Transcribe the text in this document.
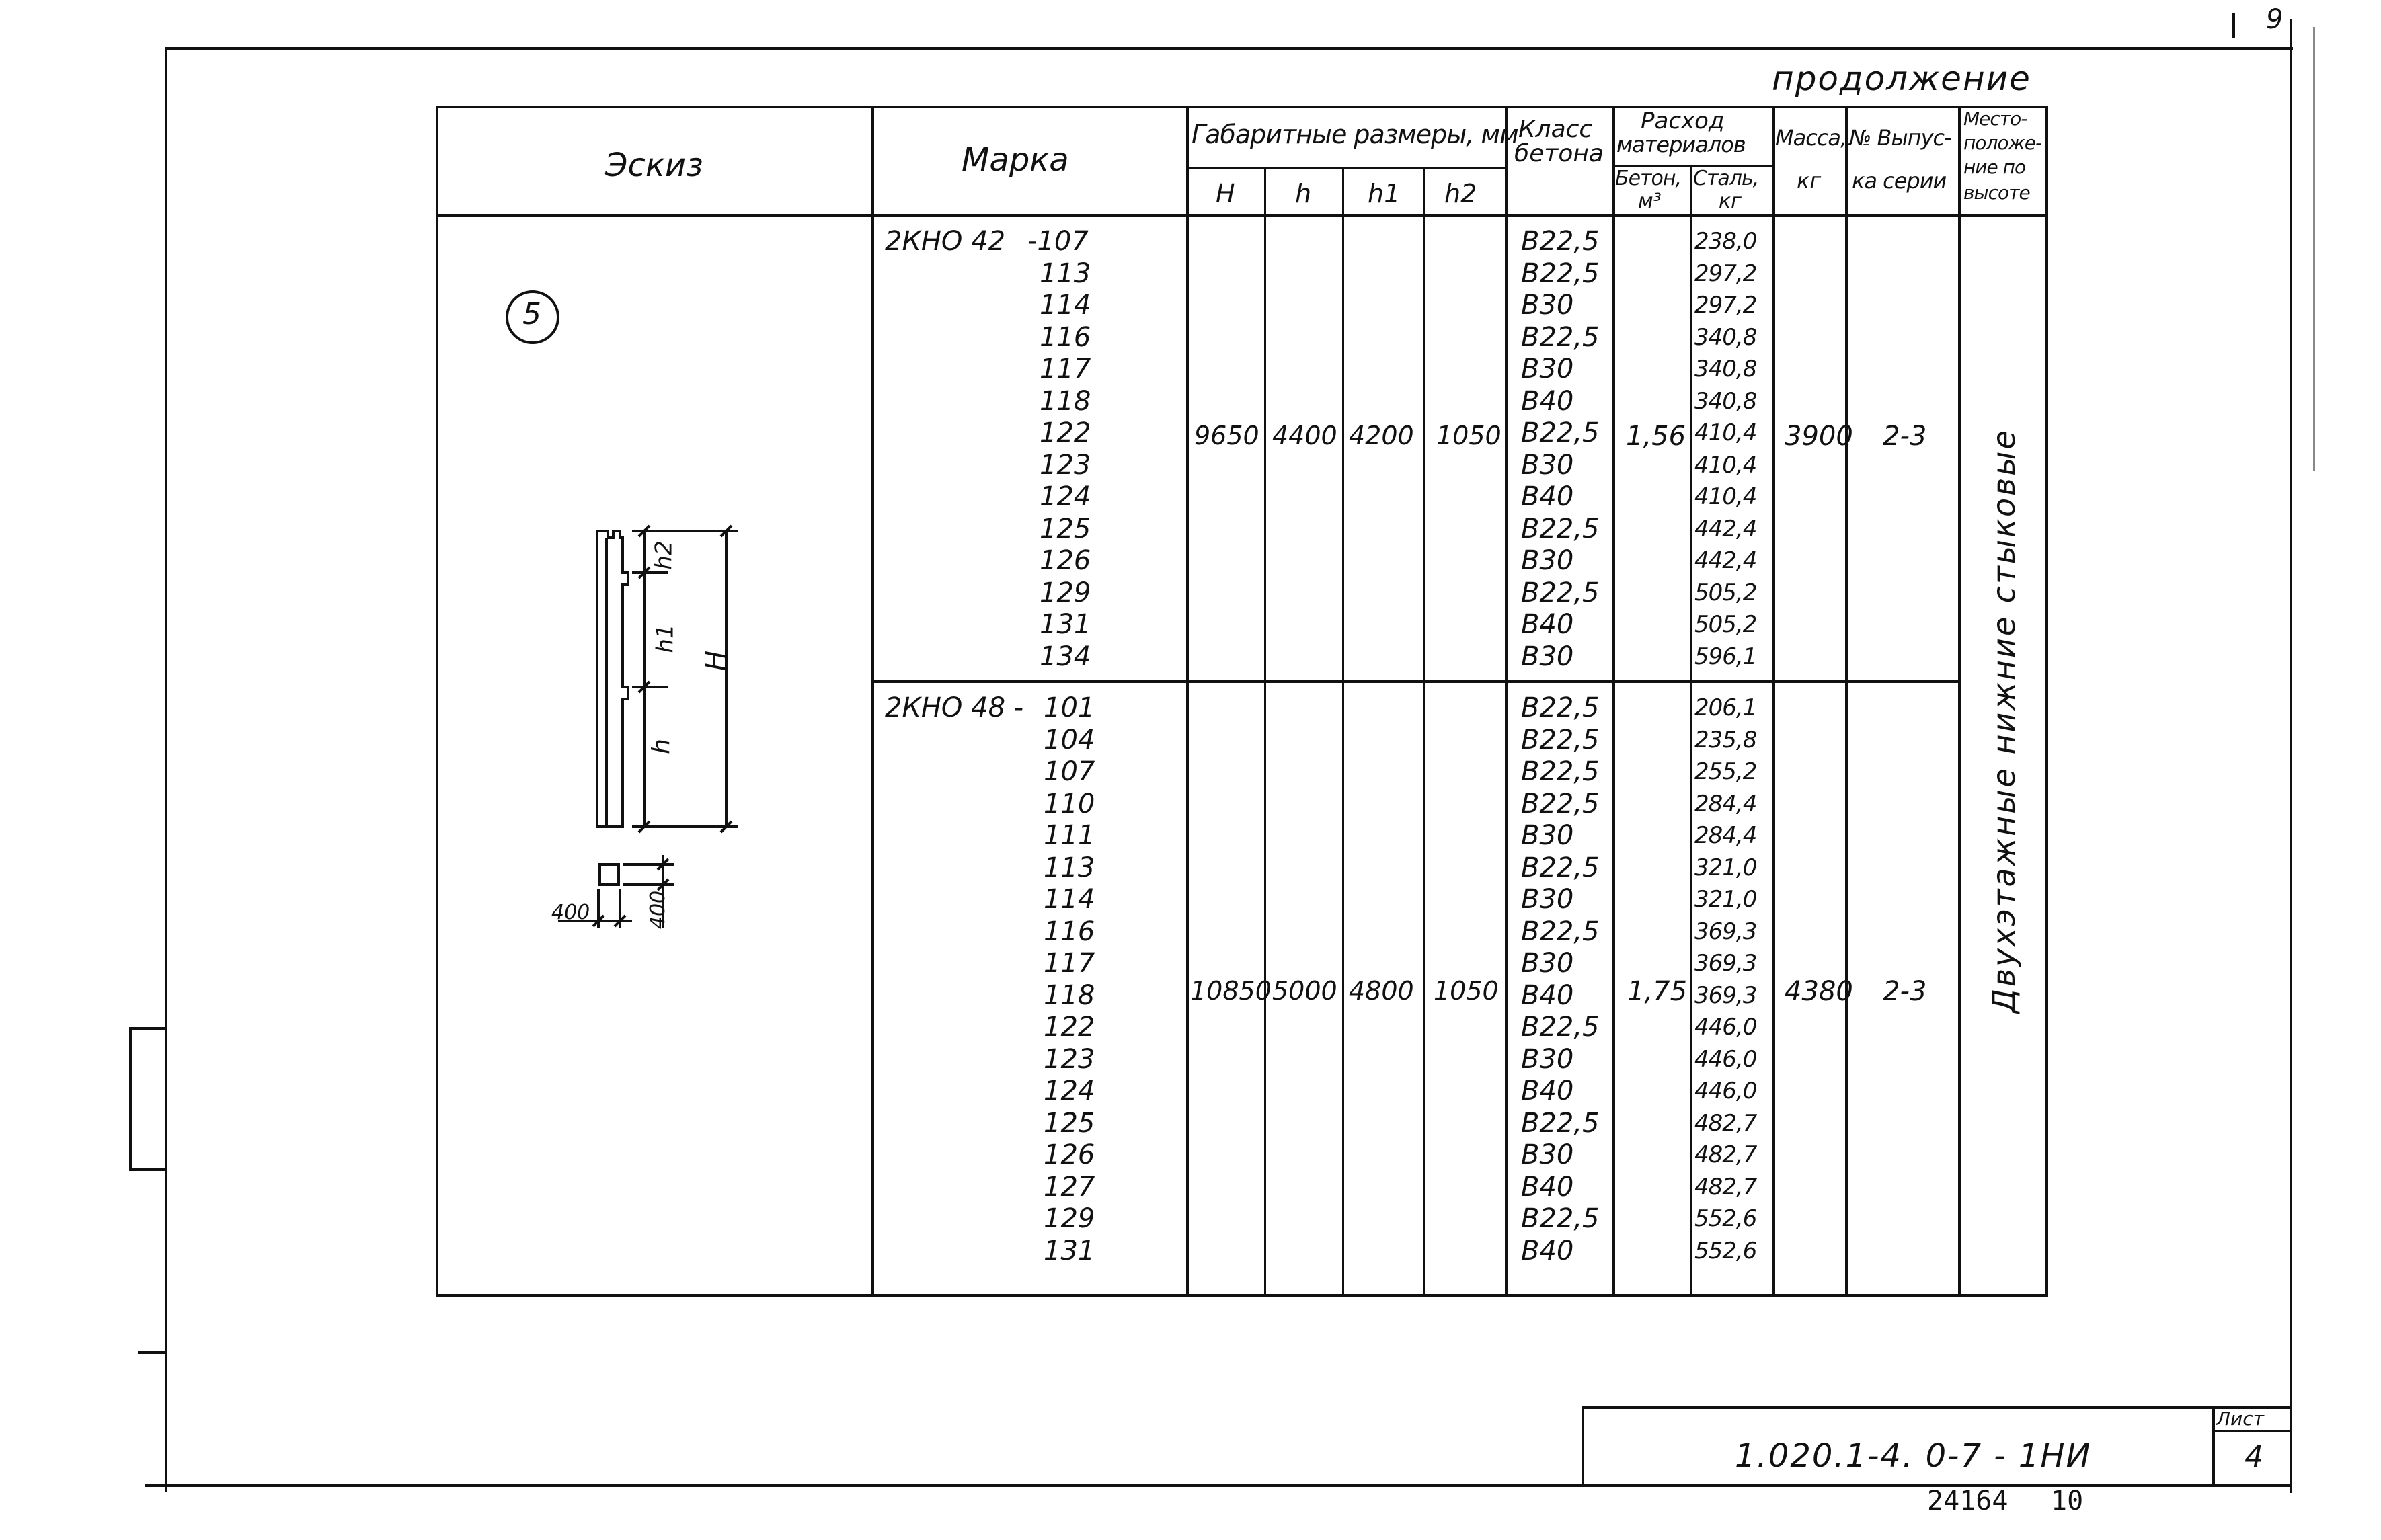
9
продолжение
Эскиз	Марка
Габаритные размеры, мм
H h h1 h2
Класс
бетона
Расход
материалов
Бетон,
м³
Сталь,
кг
Масса,
кг
№ Выпус-
ка серии
Место-
положе-
ние по
высоте
5
h2
h1
h
H
400	400
2КНО 42 -107
113
114
116
117
118
122
123
124
125
126
129
131
134
9650 4400 4200 1050
В22,5
В22,5
В30
В22,5
В30
В40
В22,5
В30
В40
В22,5
В30
В22,5
В40
В30
1,56
238,0
297,2
297,2
340,8
340,8
340,8
410,4
410,4
410,4
442,4
442,4
505,2
505,2
596,1
3900 2-3
2КНО 48 - 101
104
107
110
111
113
114
116
117
118
122
123
124
125
126
127
129
131
10850 5000 4800 1050
В22,5
В22,5
В22,5
В22,5
В30
В22,5
В30
В22,5
В30
В40
В22,5
В30
В40
В22,5
В30
В40
В22,5
В40
1,75
206,1
235,8
255,2
284,4
284,4
321,0
321,0
369,3
369,3
369,3
446,0
446,0
446,0
482,7
482,7
482,7
552,6
552,6
4380 2-3 Двухэтажные нижние стыковые
1.020.1-4. 0-7 - 1НИ
Лист
4
24164 10
